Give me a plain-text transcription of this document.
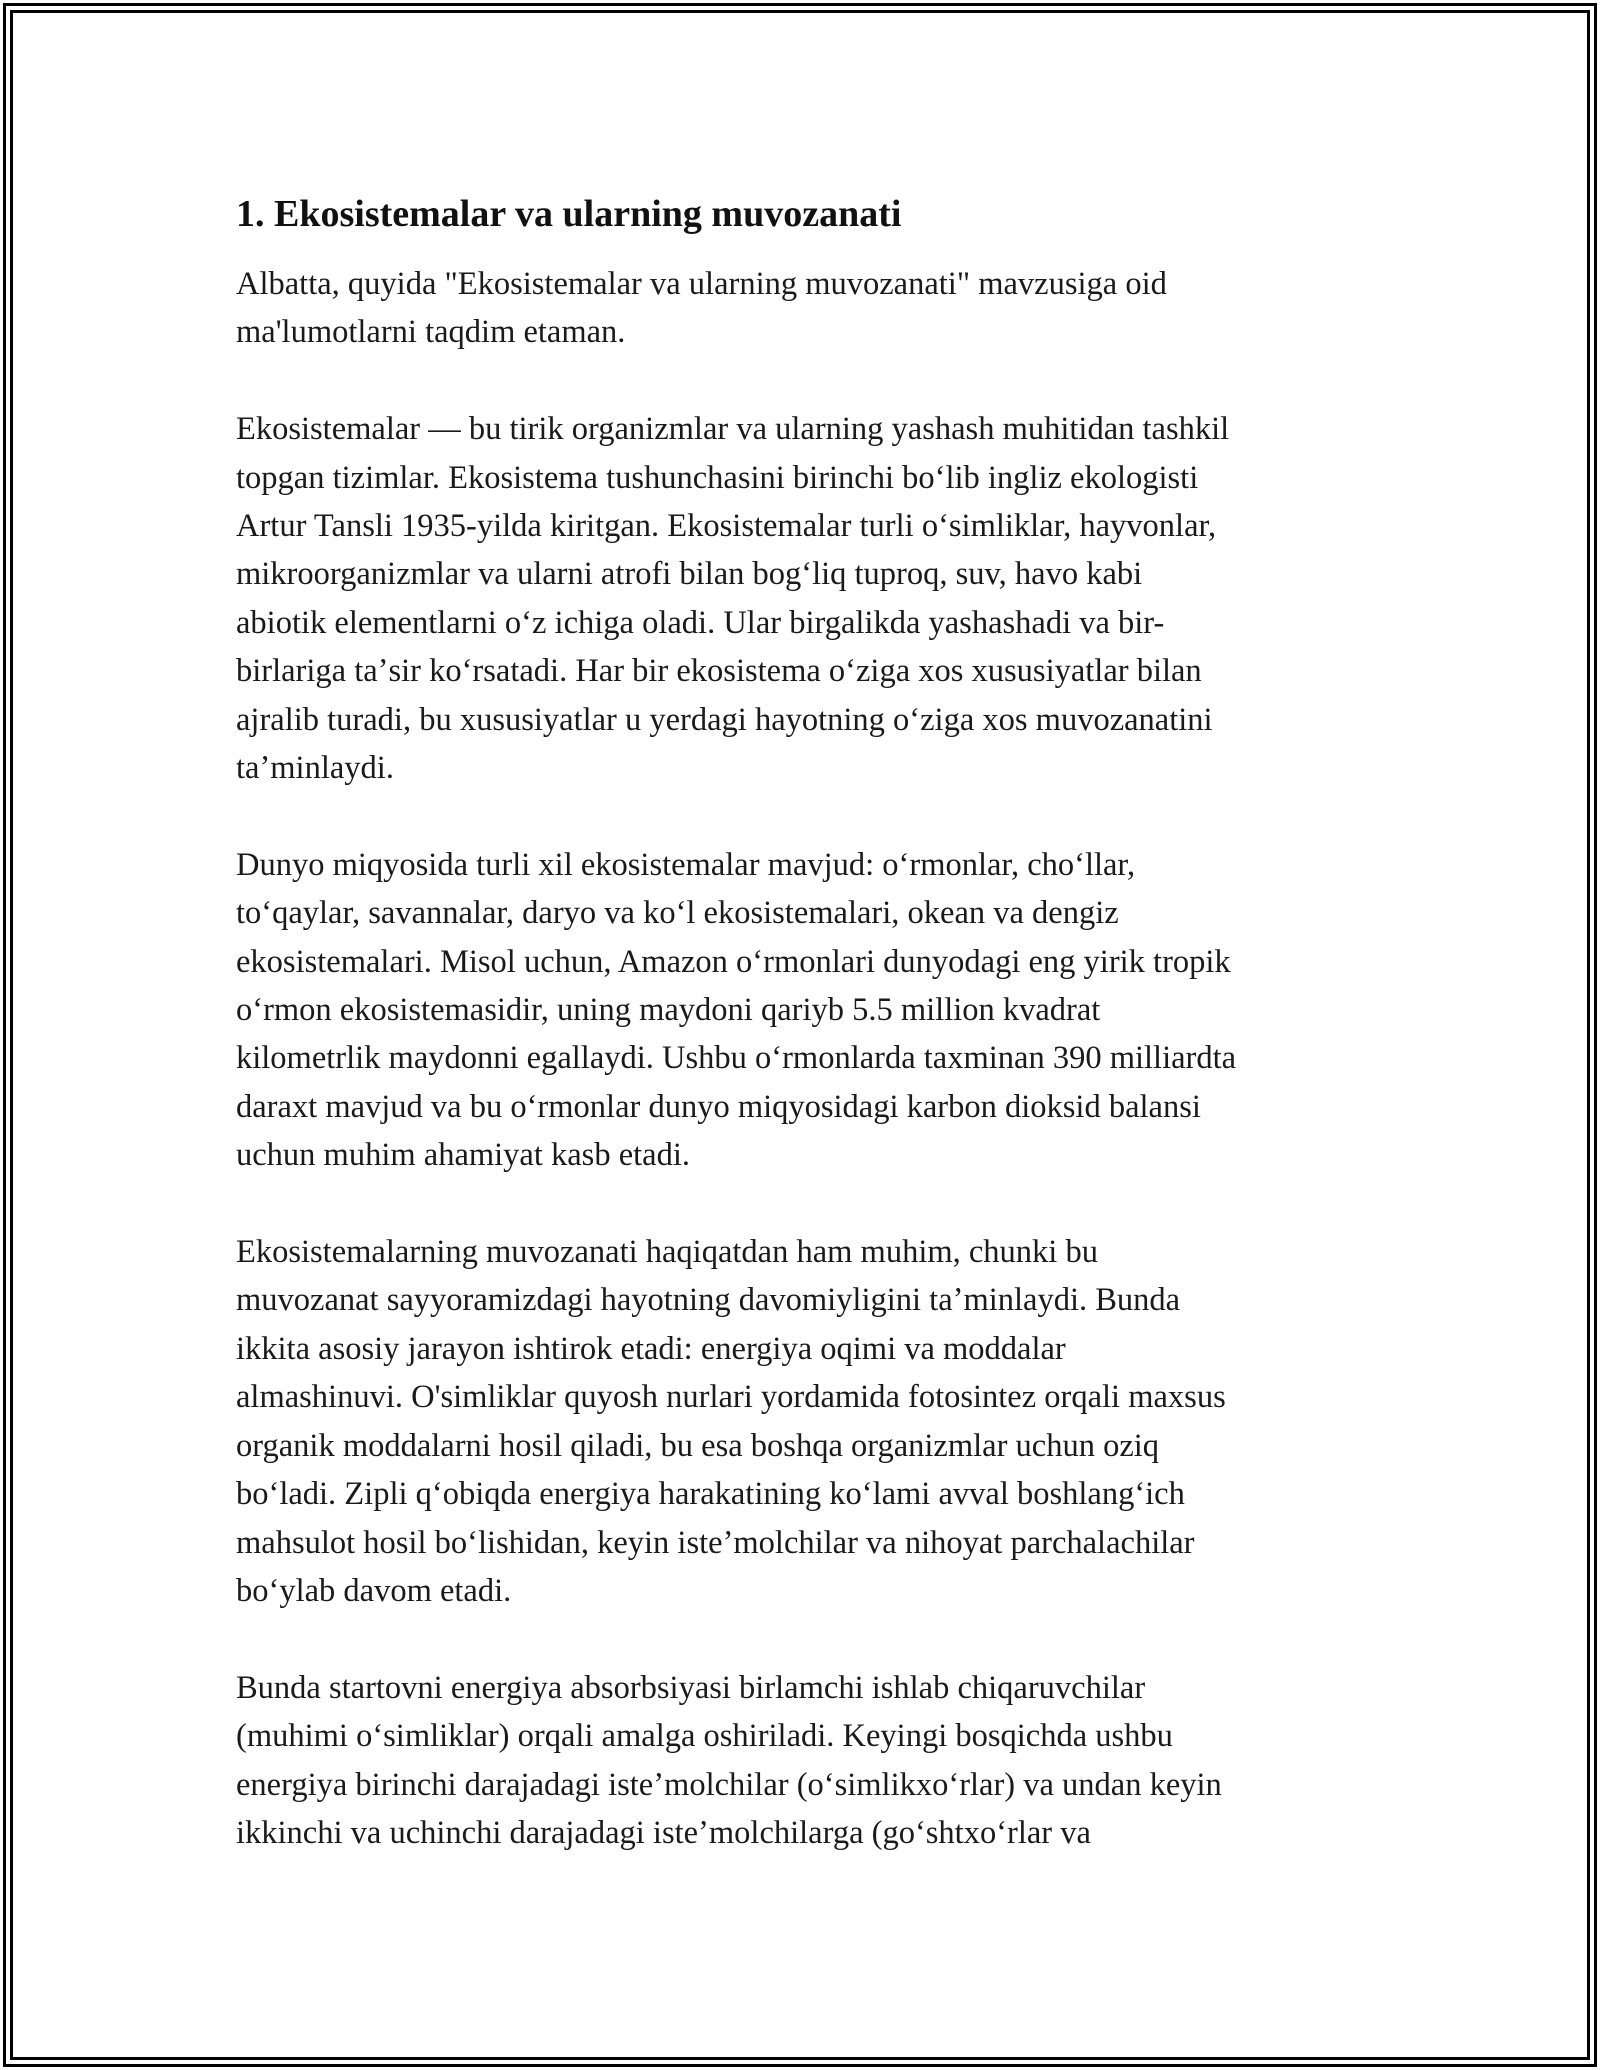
1. Ekosistemalar va ularning muvozanati

Albatta, quyida "Ekosistemalar va ularning muvozanati" mavzusiga oid
ma'lumotlarni taqdim etaman.

Ekosistemalar — bu tirik organizmlar va ularning yashash muhitidan tashkil
topgan tizimlar. Ekosistema tushunchasini birinchi boʻlib ingliz ekologisti
Artur Tansli 1935-yilda kiritgan. Ekosistemalar turli oʻsimliklar, hayvonlar,
mikroorganizmlar va ularni atrofi bilan bogʻliq tuproq, suv, havo kabi
abiotik elementlarni oʻz ichiga oladi. Ular birgalikda yashashadi va bir-
birlariga taʼsir koʻrsatadi. Har bir ekosistema oʻziga xos xususiyatlar bilan
ajralib turadi, bu xususiyatlar u yerdagi hayotning oʻziga xos muvozanatini
taʼminlaydi.

Dunyo miqyosida turli xil ekosistemalar mavjud: oʻrmonlar, choʻllar,
toʻqaylar, savannalar, daryo va koʻl ekosistemalari, okean va dengiz
ekosistemalari. Misol uchun, Amazon oʻrmonlari dunyodagi eng yirik tropik
oʻrmon ekosistemasidir, uning maydoni qariyb 5.5 million kvadrat
kilometrlik maydonni egallaydi. Ushbu oʻrmonlarda taxminan 390 milliardta
daraxt mavjud va bu oʻrmonlar dunyo miqyosidagi karbon dioksid balansi
uchun muhim ahamiyat kasb etadi.

Ekosistemalarning muvozanati haqiqatdan ham muhim, chunki bu
muvozanat sayyoramizdagi hayotning davomiyligini taʼminlaydi. Bunda
ikkita asosiy jarayon ishtirok etadi: energiya oqimi va moddalar
almashinuvi. O'simliklar quyosh nurlari yordamida fotosintez orqali maxsus
organik moddalarni hosil qiladi, bu esa boshqa organizmlar uchun oziq
boʻladi. Zipli qʻobiqda energiya harakatining koʻlami avval boshlangʻich
mahsulot hosil boʻlishidan, keyin isteʼmolchilar va nihoyat parchalachilar
boʻylab davom etadi.

Bunda startovni energiya absorbsiyasi birlamchi ishlab chiqaruvchilar
(muhimi oʻsimliklar) orqali amalga oshiriladi. Keyingi bosqichda ushbu
energiya birinchi darajadagi isteʼmolchilar (oʻsimlikxoʻrlar) va undan keyin
ikkinchi va uchinchi darajadagi isteʼmolchilarga (goʻshtxoʻrlar va
